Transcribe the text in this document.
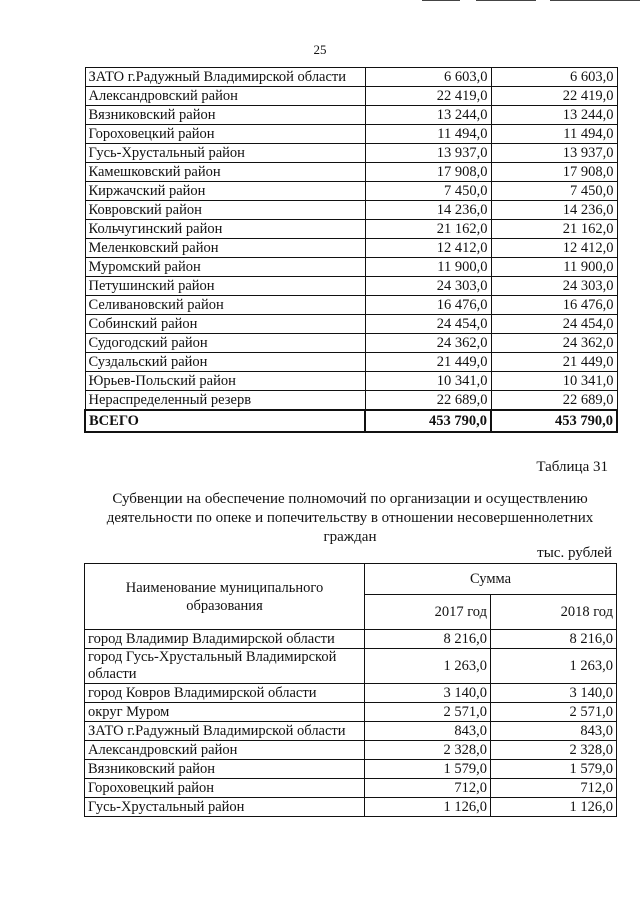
25
ЗАТО г.Радужный Владимирской области	6 603,0	6 603,0
Александровский район	22 419,0	22 419,0
Вязниковский район	13 244,0	13 244,0
Гороховецкий район	11 494,0	11 494,0
Гусь-Хрустальный район	13 937,0	13 937,0
Камешковский район	17 908,0	17 908,0
Киржачский район	7 450,0	7 450,0
Ковровский район	14 236,0	14 236,0
Кольчугинский район	21 162,0	21 162,0
Меленковский район	12 412,0	12 412,0
Муромский район	11 900,0	11 900,0
Петушинский район	24 303,0	24 303,0
Селивановский район	16 476,0	16 476,0
Собинский район	24 454,0	24 454,0
Судогодский район	24 362,0	24 362,0
Суздальский район	21 449,0	21 449,0
Юрьев-Польский район	10 341,0	10 341,0
Нераспределенный резерв	22 689,0	22 689,0
ВСЕГО	453 790,0	453 790,0
Таблица 31
Субвенции на обеспечение полномочий по организации и осуществлению деятельности по опеке и попечительству в отношении несовершеннолетних граждан
тыс. рублей
Наименование муниципального образования	Сумма	
	2017 год	2018 год
город Владимир Владимирской области	8 216,0	8 216,0
город Гусь-Хрустальный Владимирской области	1 263,0	1 263,0
город Ковров Владимирской области	3 140,0	3 140,0
округ Муром	2 571,0	2 571,0
ЗАТО г.Радужный Владимирской области	843,0	843,0
Александровский район	2 328,0	2 328,0
Вязниковский район	1 579,0	1 579,0
Гороховецкий район	712,0	712,0
Гусь-Хрустальный район	1 126,0	1 126,0
